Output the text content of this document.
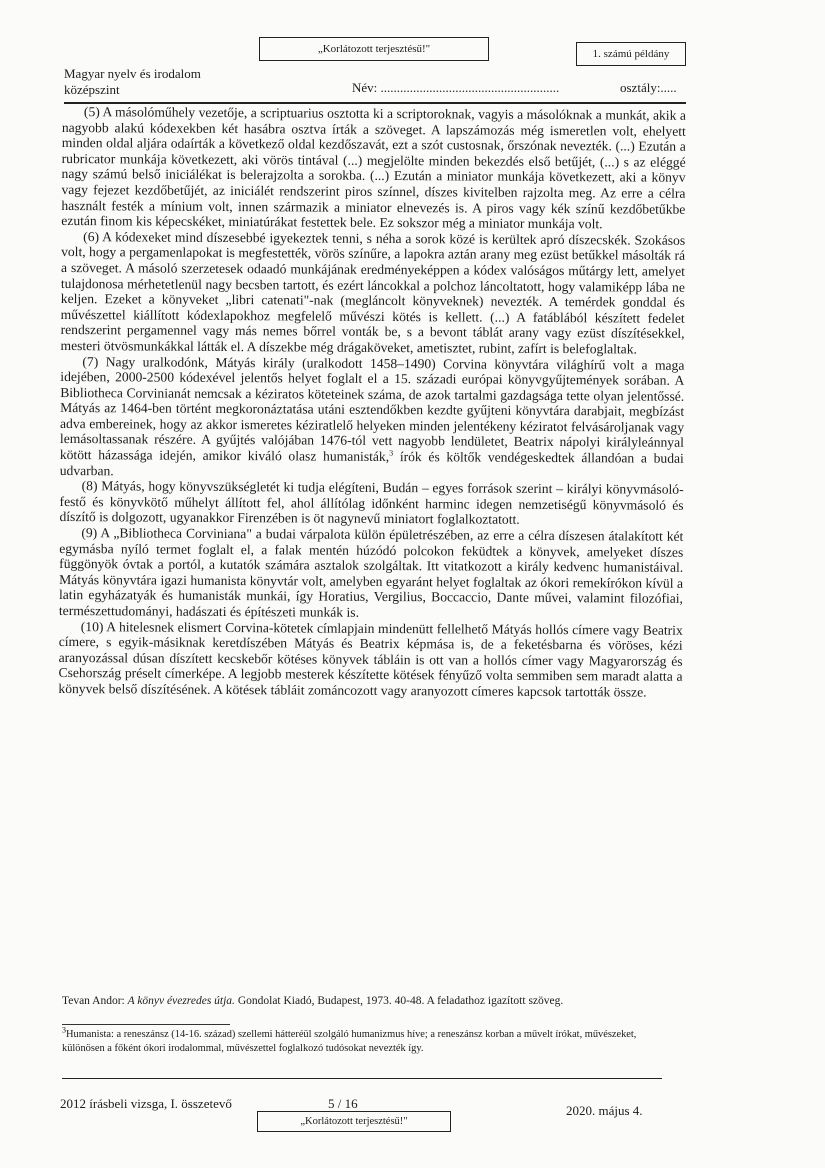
„Korlátozott terjesztésű!"	1. számú példány
Magyar nyelv és irodalom
középszint	Név: .......................................................	osztály:.....

(5) A másolóműhely vezetője, a scriptuarius osztotta ki a scriptoroknak, vagyis a másolóknak a munkát, akik a nagyobb alakú kódexekben két hasábra osztva írták a szöveget. A lapszámozás még ismeretlen volt, ehelyett minden oldal aljára odaírták a következő oldal kezdőszavát, ezt a szót custosnak, őrszónak nevezték. (...) Ezután a rubricator munkája következett, aki vörös tintával (...) megjelölte minden bekezdés első betűjét, (...) s az eléggé nagy számú belső iniciálékat is belerajzolta a sorokba. (...) Ezután a miniator munkája következett, aki a könyv vagy fejezet kezdőbetűjét, az iniciálét rendszerint piros színnel, díszes kivitelben rajzolta meg. Az erre a célra használt festék a mínium volt, innen származik a miniator elnevezés is. A piros vagy kék színű kezdőbetűkbe ezután finom kis képecskéket, miniatúrákat festettek bele. Ez sokszor még a miniator munkája volt.

(6) A kódexeket mind díszesebbé igyekeztek tenni, s néha a sorok közé is kerültek apró díszecskék. Szokásos volt, hogy a pergamenlapokat is megfestették, vörös színűre, a lapokra aztán arany meg ezüst betűkkel másolták rá a szöveget. A másoló szerzetesek odaadó munkájának eredményeképpen a kódex valóságos műtárgy lett, amelyet tulajdonosa mérhetetlenül nagy becsben tartott, és ezért láncokkal a polchoz láncoltatott, hogy valamiképp lába ne keljen. Ezeket a könyveket „libri catenati"-nak (megláncolt könyveknek) nevezték. A temérdek gonddal és művészettel kiállított kódexlapokhoz megfelelő művészi kötés is kellett. (...) A fatáblából készített fedelet rendszerint pergamennel vagy más nemes bőrrel vonták be, s a bevont táblát arany vagy ezüst díszítésekkel, mesteri ötvösmunkákkal látták el. A díszekbe még drágaköveket, ametisztet, rubint, zafírt is belefoglaltak.

(7) Nagy uralkodónk, Mátyás király (uralkodott 1458–1490) Corvina könyvtára világhírű volt a maga idejében, 2000-2500 kódexével jelentős helyet foglalt el a 15. századi európai könyvgyűjtemények sorában. A Bibliotheca Corvinianát nemcsak a kéziratos köteteinek száma, de azok tartalmi gazdagsága tette olyan jelentőssé. Mátyás az 1464-ben történt megkoronáztatása utáni esztendőkben kezdte gyűjteni könyvtára darabjait, megbízást adva embereinek, hogy az akkor ismeretes kéziratlelő helyeken minden jelentékeny kéziratot felvásároljanak vagy lemásoltassanak részére. A gyűjtés valójában 1476-tól vett nagyobb lendületet, Beatrix nápolyi királyleánnyal kötött házassága idején, amikor kiváló olasz humanisták,$^3$ írók és költők vendégeskedtek állandóan a budai udvarban.

(8) Mátyás, hogy könyvszükségletét ki tudja elégíteni, Budán – egyes források szerint – királyi könyvmásoló-festő és könyvkötő műhelyt állított fel, ahol állítólag időnként harminc idegen nemzetiségű könyvmásoló és díszítő is dolgozott, ugyanakkor Firenzében is öt nagynevű miniatort foglalkoztatott.

(9) A „Bibliotheca Corviniana" a budai várpalota külön épületrészében, az erre a célra díszesen átalakított két egymásba nyíló termet foglalt el, a falak mentén húzódó polcokon feküdtek a könyvek, amelyeket díszes függönyök óvtak a portól, a kutatók számára asztalok szolgáltak. Itt vitatkozott a király kedvenc humanistáival. Mátyás könyvtára igazi humanista könyvtár volt, amelyben egyaránt helyet foglaltak az ókori remekírókon kívül a latin egyházatyák és humanisták munkái, így Horatius, Vergilius, Boccaccio, Dante művei, valamint filozófiai, természettudományi, hadászati és építészeti munkák is.

(10) A hitelesnek elismert Corvina-kötetek címlapjain mindenütt fellelhető Mátyás hollós címere vagy Beatrix címere, s egyik-másiknak keretdíszében Mátyás és Beatrix képmása is, de a feketésbarna és vöröses, kézi aranyozással dúsan díszített kecskebőr kötéses könyvek tábláin is ott van a hollós címer vagy Magyarország és Csehország préselt címerképe. A legjobb mesterek készítette kötések fényűző volta semmiben sem maradt alatta a könyvek belső díszítésének. A kötések tábláit zománcozott vagy aranyozott címeres kapcsok tartották össze.

Tevan Andor: A könyv évezredes útja. Gondolat Kiadó, Budapest, 1973. 40-48. A feladathoz igazított szöveg.
$^3$Humanista: a reneszánsz (14-16. század) szellemi hátteréül szolgáló humanizmus híve; a reneszánsz korban a művelt írókat, művészeket, különösen a főként ókori irodalommal, művészettel foglalkozó tudósokat nevezték így.
2012 írásbeli vizsga, I. összetevő	5 / 16	2020. május 4.
„Korlátozott terjesztésű!"
